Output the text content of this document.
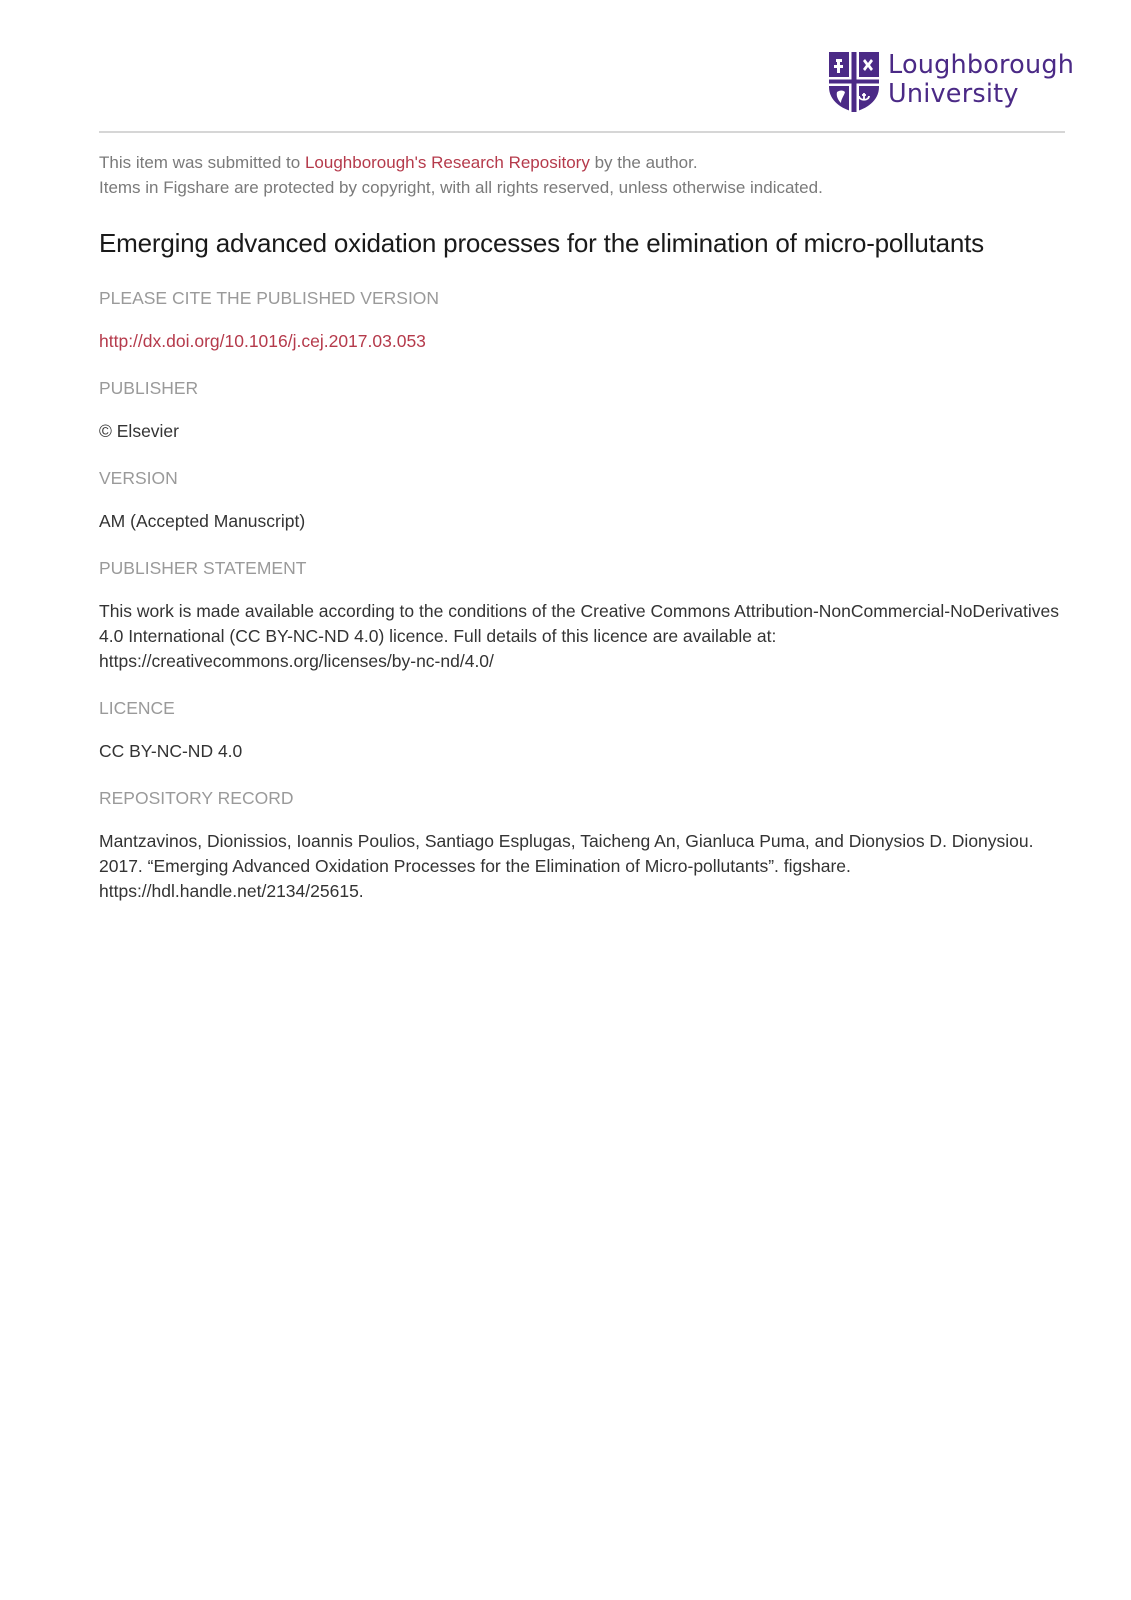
Loughborough
University

This item was submitted to Loughborough's Research Repository by the author.
Items in Figshare are protected by copyright, with all rights reserved, unless otherwise indicated.

Emerging advanced oxidation processes for the elimination of micro-pollutants
PLEASE CITE THE PUBLISHED VERSION
http://dx.doi.org/10.1016/j.cej.2017.03.053
PUBLISHER
© Elsevier
VERSION
AM (Accepted Manuscript)
PUBLISHER STATEMENT
This work is made available according to the conditions of the Creative Commons Attribution-NonCommercial-NoDerivatives 4.0 International (CC BY-NC-ND 4.0) licence. Full details of this licence are available at: https://creativecommons.org/licenses/by-nc-nd/4.0/
LICENCE
CC BY-NC-ND 4.0
REPOSITORY RECORD
Mantzavinos, Dionissios, Ioannis Poulios, Santiago Esplugas, Taicheng An, Gianluca Puma, and Dionysios D. Dionysiou. 2017. “Emerging Advanced Oxidation Processes for the Elimination of Micro-pollutants”. figshare. https://hdl.handle.net/2134/25615.
